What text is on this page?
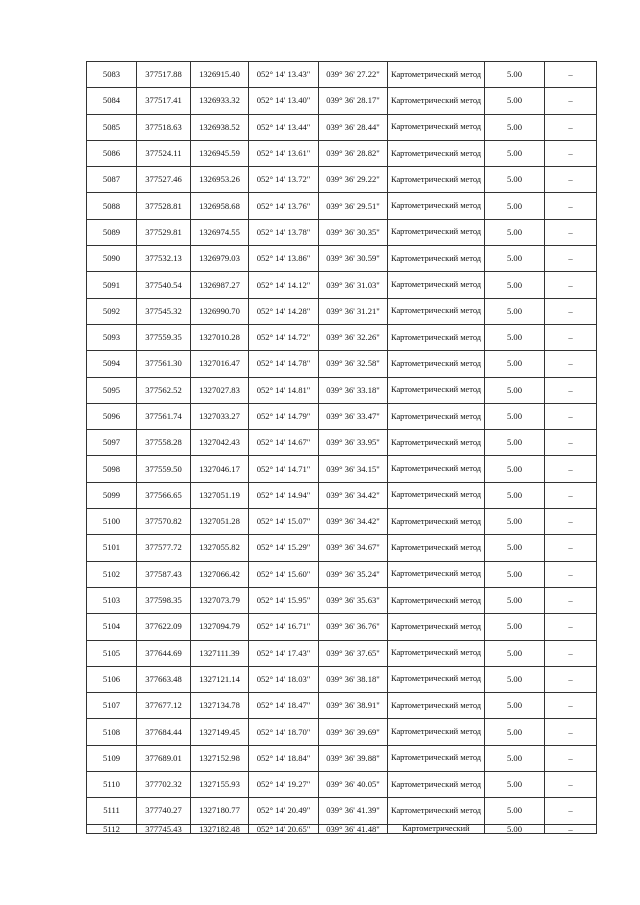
5083	377517.88	1326915.40	052° 14' 13.43"	039° 36' 27.22"	Картометрический метод	5.00	–
5084	377517.41	1326933.32	052° 14' 13.40"	039° 36' 28.17"	Картометрический метод	5.00	–
5085	377518.63	1326938.52	052° 14' 13.44"	039° 36' 28.44"	Картометрический метод	5.00	–
5086	377524.11	1326945.59	052° 14' 13.61"	039° 36' 28.82"	Картометрический метод	5.00	–
5087	377527.46	1326953.26	052° 14' 13.72"	039° 36' 29.22"	Картометрический метод	5.00	–
5088	377528.81	1326958.68	052° 14' 13.76"	039° 36' 29.51"	Картометрический метод	5.00	–
5089	377529.81	1326974.55	052° 14' 13.78"	039° 36' 30.35"	Картометрический метод	5.00	–
5090	377532.13	1326979.03	052° 14' 13.86"	039° 36' 30.59"	Картометрический метод	5.00	–
5091	377540.54	1326987.27	052° 14' 14.12"	039° 36' 31.03"	Картометрический метод	5.00	–
5092	377545.32	1326990.70	052° 14' 14.28"	039° 36' 31.21"	Картометрический метод	5.00	–
5093	377559.35	1327010.28	052° 14' 14.72"	039° 36' 32.26"	Картометрический метод	5.00	–
5094	377561.30	1327016.47	052° 14' 14.78"	039° 36' 32.58"	Картометрический метод	5.00	–
5095	377562.52	1327027.83	052° 14' 14.81"	039° 36' 33.18"	Картометрический метод	5.00	–
5096	377561.74	1327033.27	052° 14' 14.79"	039° 36' 33.47"	Картометрический метод	5.00	–
5097	377558.28	1327042.43	052° 14' 14.67"	039° 36' 33.95"	Картометрический метод	5.00	–
5098	377559.50	1327046.17	052° 14' 14.71"	039° 36' 34.15"	Картометрический метод	5.00	–
5099	377566.65	1327051.19	052° 14' 14.94"	039° 36' 34.42"	Картометрический метод	5.00	–
5100	377570.82	1327051.28	052° 14' 15.07"	039° 36' 34.42"	Картометрический метод	5.00	–
5101	377577.72	1327055.82	052° 14' 15.29"	039° 36' 34.67"	Картометрический метод	5.00	–
5102	377587.43	1327066.42	052° 14' 15.60"	039° 36' 35.24"	Картометрический метод	5.00	–
5103	377598.35	1327073.79	052° 14' 15.95"	039° 36' 35.63"	Картометрический метод	5.00	–
5104	377622.09	1327094.79	052° 14' 16.71"	039° 36' 36.76"	Картометрический метод	5.00	–
5105	377644.69	1327111.39	052° 14' 17.43"	039° 36' 37.65"	Картометрический метод	5.00	–
5106	377663.48	1327121.14	052° 14' 18.03"	039° 36' 38.18"	Картометрический метод	5.00	–
5107	377677.12	1327134.78	052° 14' 18.47"	039° 36' 38.91"	Картометрический метод	5.00	–
5108	377684.44	1327149.45	052° 14' 18.70"	039° 36' 39.69"	Картометрический метод	5.00	–
5109	377689.01	1327152.98	052° 14' 18.84"	039° 36' 39.88"	Картометрический метод	5.00	–
5110	377702.32	1327155.93	052° 14' 19.27"	039° 36' 40.05"	Картометрический метод	5.00	–
5111	377740.27	1327180.77	052° 14' 20.49"	039° 36' 41.39"	Картометрический метод	5.00	–
5112	377745.43	1327182.48	052° 14' 20.65"	039° 36' 41.48"	Картометрический	5.00	–
